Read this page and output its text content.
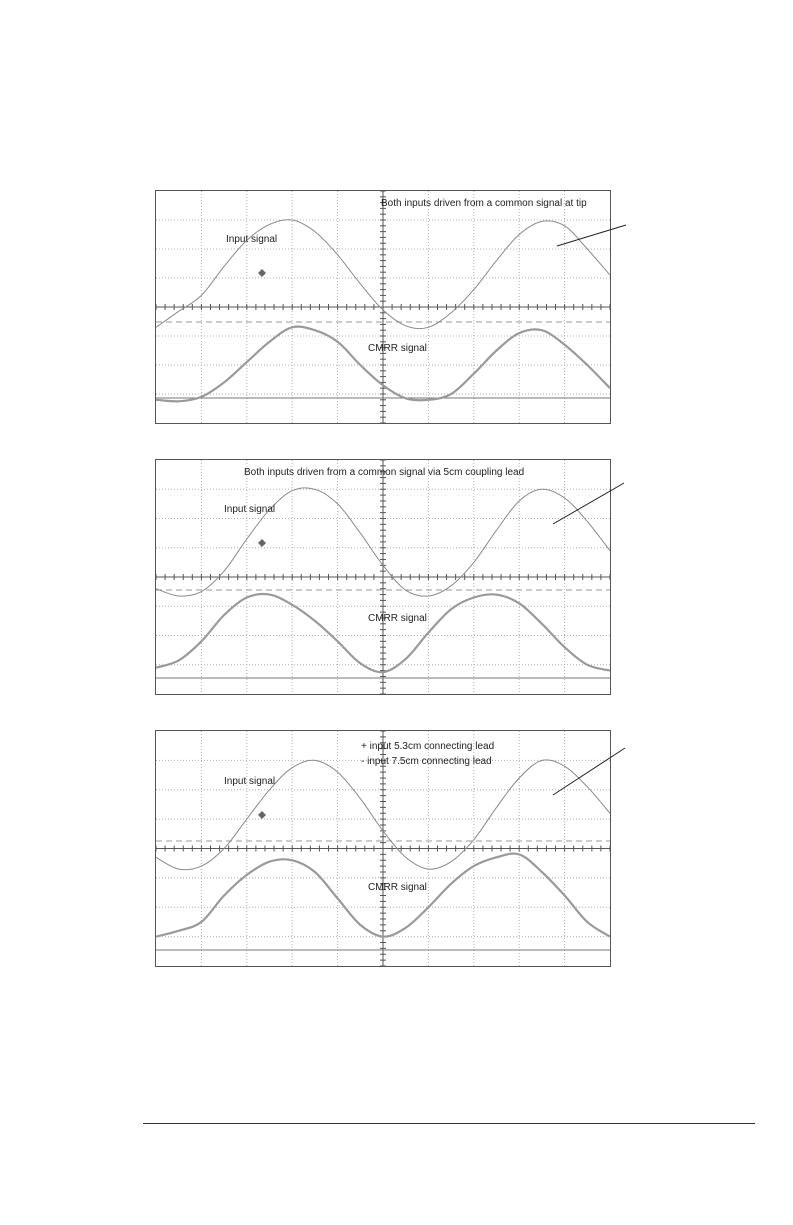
Both inputs driven from a common signal at tip
Input signal
CMRR signal
Both inputs driven from a common signal via 5cm coupling lead
Input signal
CMRR signal
+ input 5.3cm connecting lead
- input 7.5cm connecting lead
Input signal
CMRR signal
